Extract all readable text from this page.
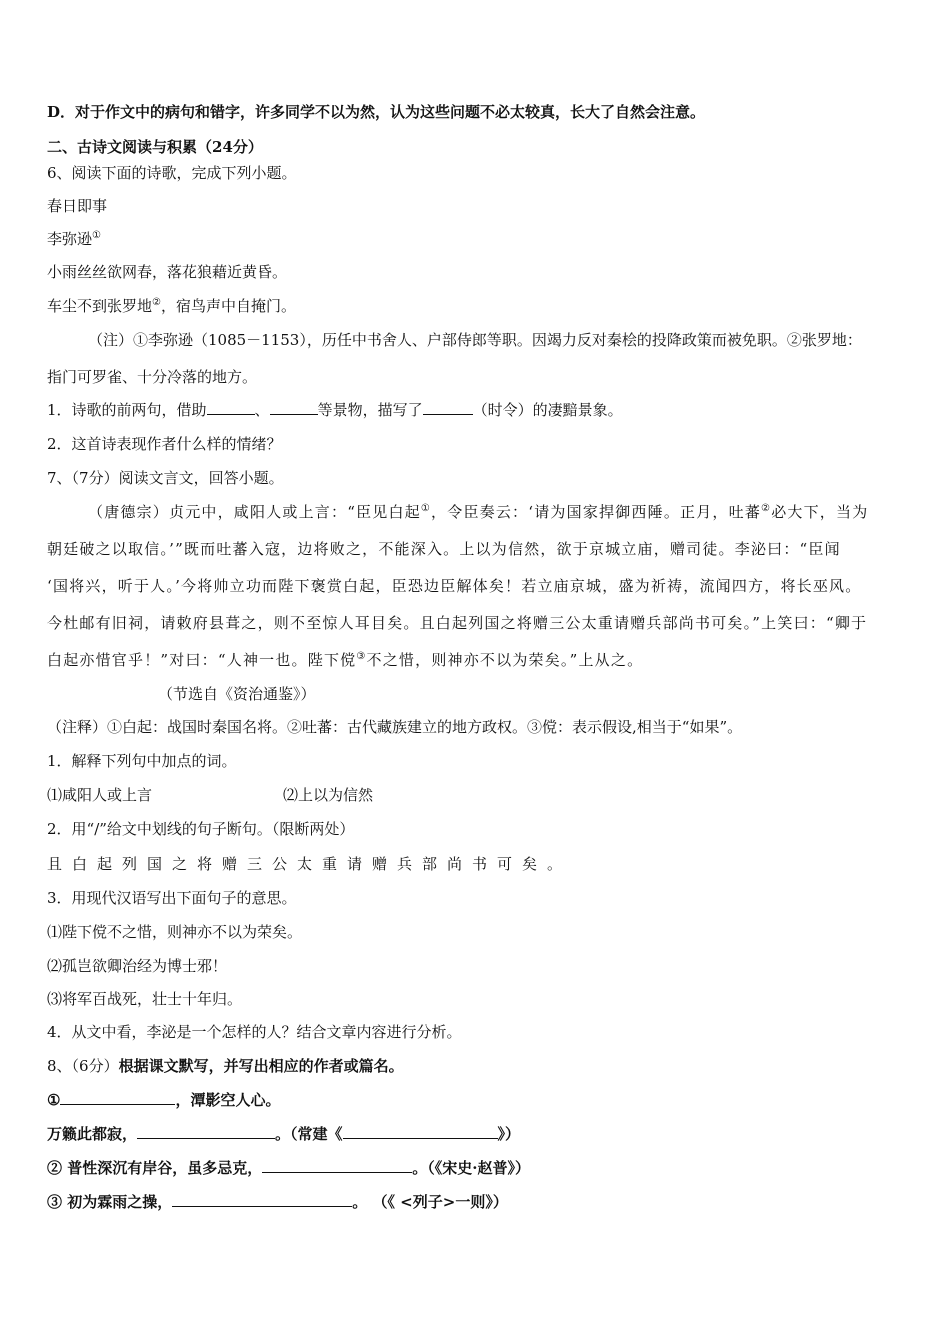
D．对于作文中的病句和错字，许多同学不以为然，认为这些问题不必太较真，长大了自然会注意。
二、古诗文阅读与积累（24分）
6、阅读下面的诗歌，完成下列小题。
春日即事
李弥逊①
小雨丝丝欲网春，落花狼藉近黄昏。
车尘不到张罗地②，宿鸟声中自掩门。
（注）①李弥逊（1085－1153），历任中书舍人、户部侍郎等职。因竭力反对秦桧的投降政策而被免职。②张罗地：
指门可罗雀、十分冷落的地方。
1．诗歌的前两句，借助	、	等景物，描写了	（时令）的凄黯景象。
2．这首诗表现作者什么样的情绪？
7、（7分）阅读文言文，回答小题。
（唐德宗）贞元中，咸阳人或上言：“臣见白起①，令臣奏云：‘请为国家捍御西陲。正月，吐蕃②必大下，当为
朝廷破之以取信。’”既而吐蕃入寇，边将败之，不能深入。上以为信然，欲于京城立庙，赠司徒。李泌曰：“臣闻
‘国将兴，听于人。’今将帅立功而陛下褒赏白起，臣恐边臣解体矣！若立庙京城，盛为祈祷，流闻四方，将长巫风。
今杜邮有旧祠，请敕府县葺之，则不至惊人耳目矣。且白起列国之将赠三公太重请赠兵部尚书可矣。”上笑曰：“卿于
白起亦惜官乎！”对曰：“人神一也。陛下傥③不之惜，则神亦不以为荣矣。”上从之。
（节选自《资治通鉴》）
（注释）①白起：战国时秦国名将。②吐蕃：古代藏族建立的地方政权。③傥：表示假设,相当于“如果”。
1．解释下列句中加点的词。
⑴咸阳人或上言	⑵上以为信然
2．用“/”给文中划线的句子断句。（限断两处）
且白起列国之将赠三公太重请赠兵部尚书可矣。
3．用现代汉语写出下面句子的意思。
⑴陛下傥不之惜，则神亦不以为荣矣。
⑵孤岂欲卿治经为博士邪！
⑶将军百战死，壮士十年归。
4．从文中看，李泌是一个怎样的人？结合文章内容进行分析。
8、（6分）根据课文默写，并写出相应的作者或篇名。
①	，潭影空人心。
万籁此都寂，	。（常建《	》）
② 普性深沉有岸谷，虽多忌克，	。（《宋史·赵普》）
③ 初为霖雨之操，	。 （《 <列子>一则》）
